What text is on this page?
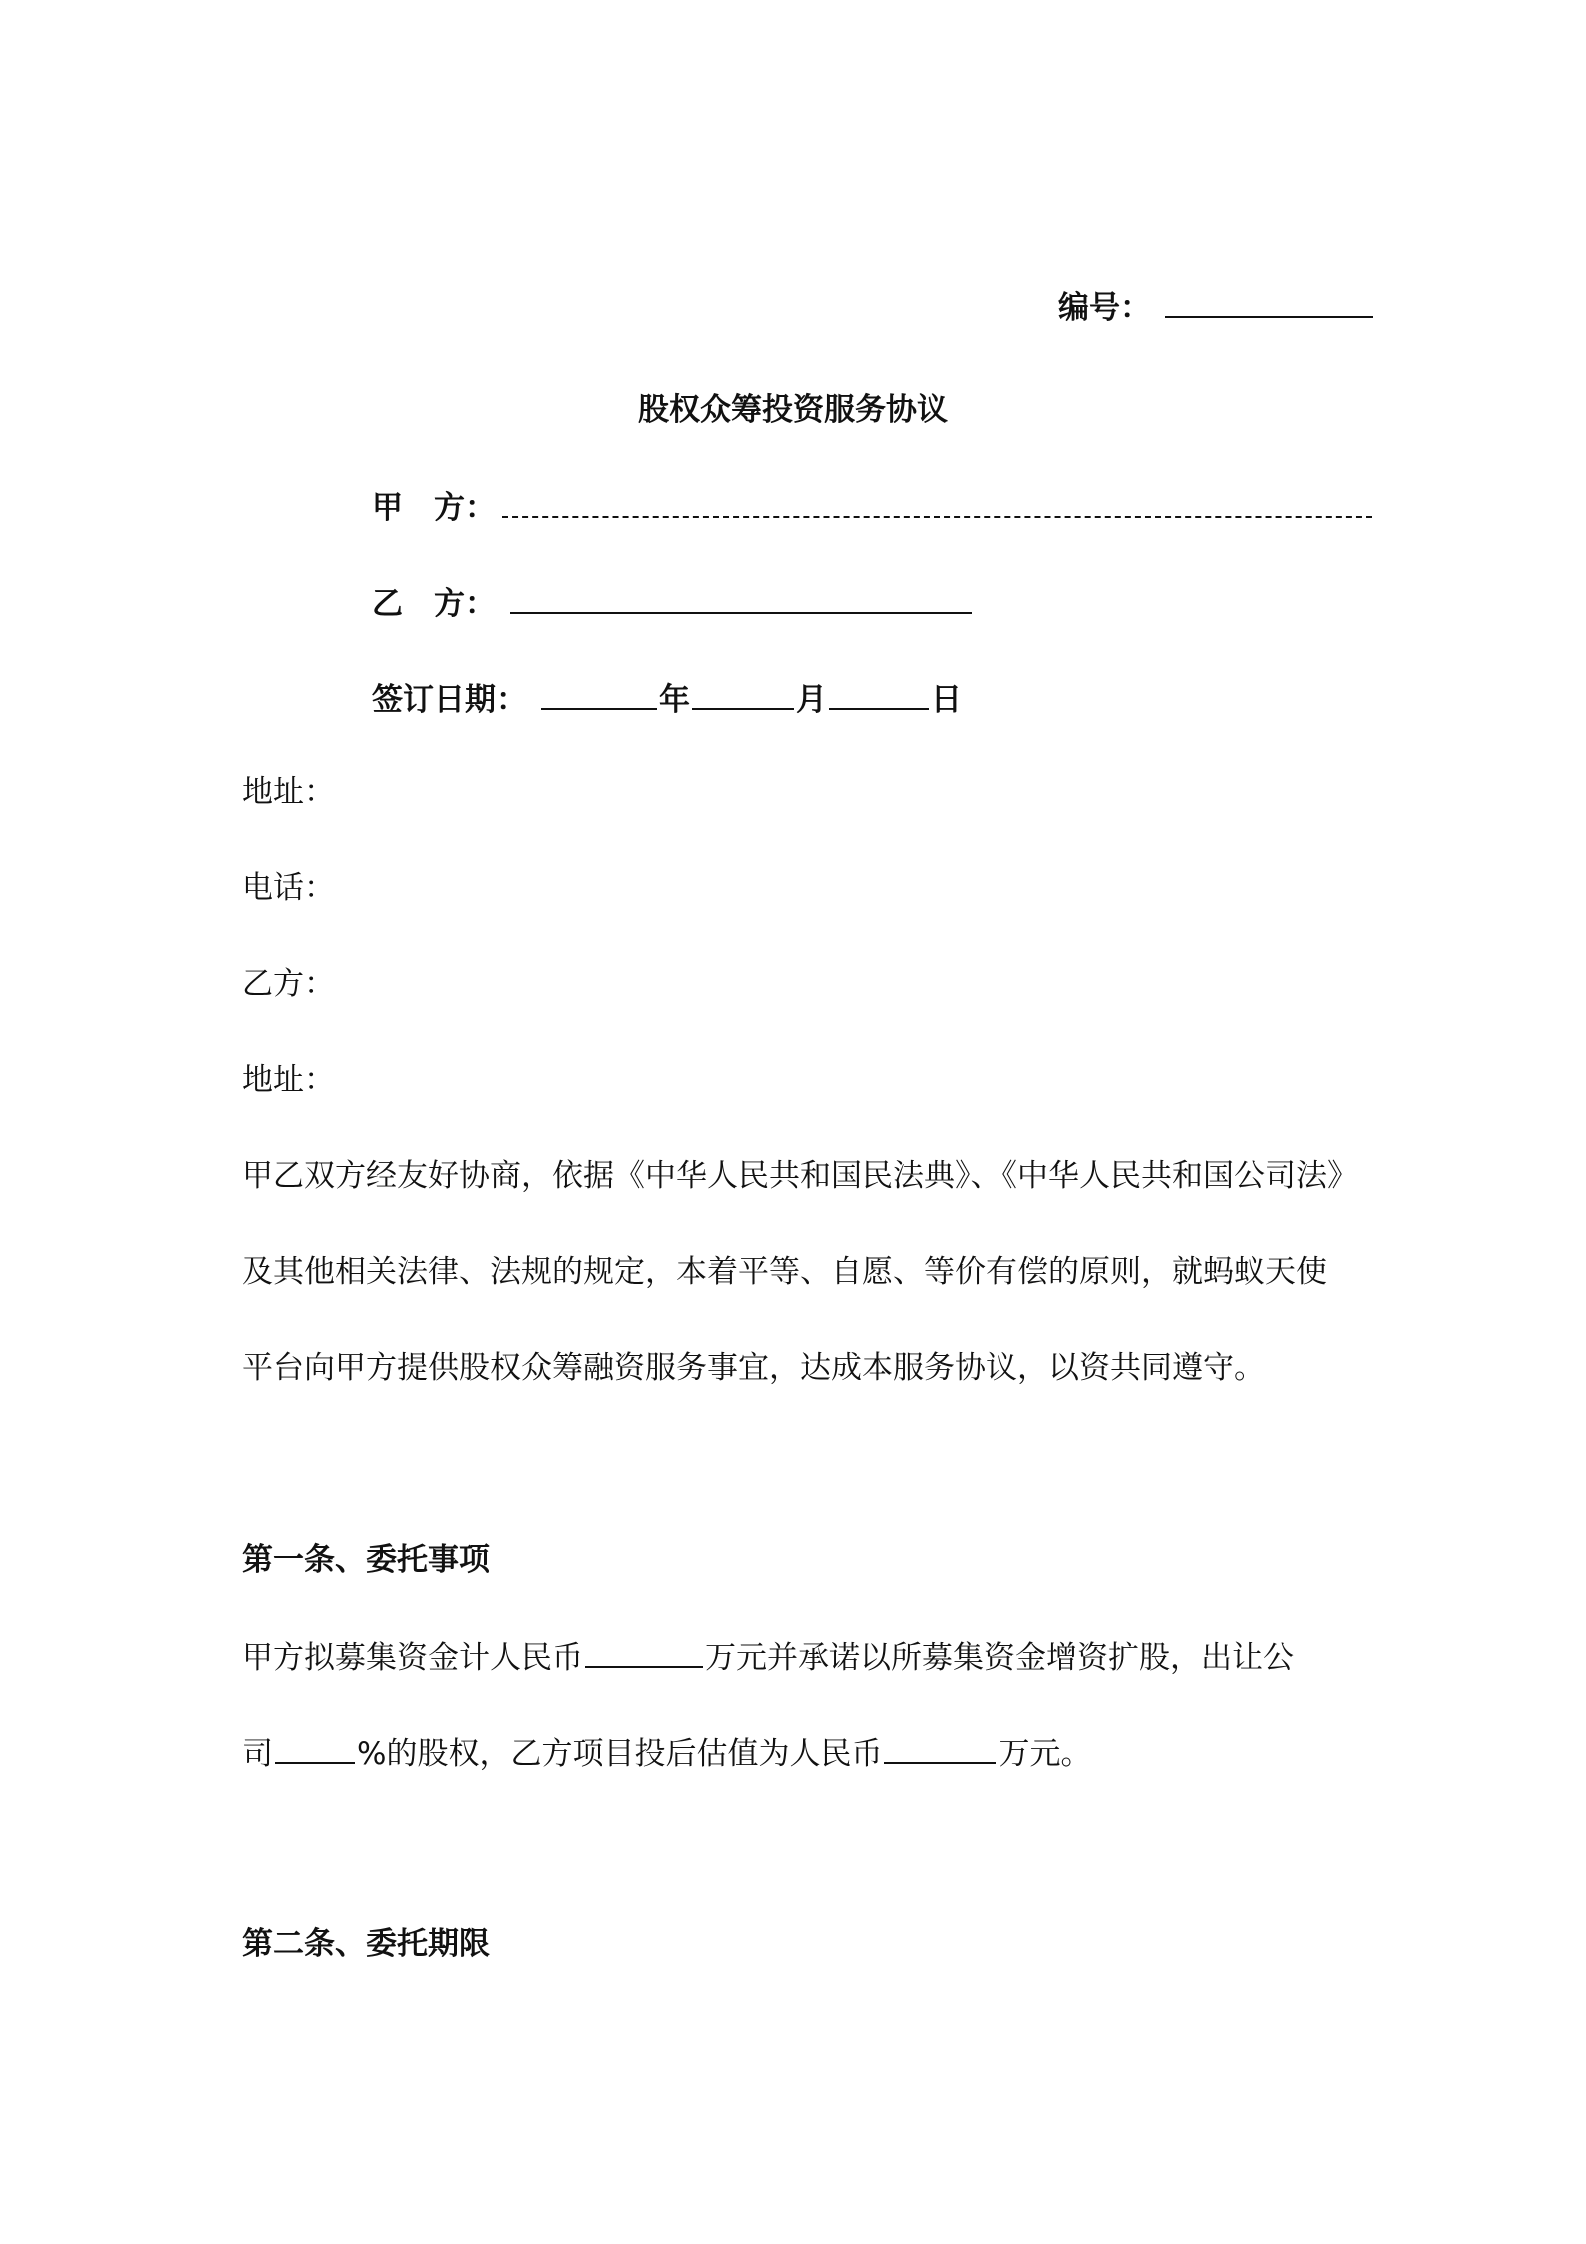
编号：
股权众筹投资服务协议
甲　方：
乙　方：
签订日期：	年	月	日
地址：
电话：
乙方：
地址：
甲乙双方经友好协商，依据《中华人民共和国民法典》、《中华人民共和国公司法》
及其他相关法律、法规的规定，本着平等、自愿、等价有偿的原则，就蚂蚁天使
平台向甲方提供股权众筹融资服务事宜，达成本服务协议，以资共同遵守。
第一条、委托事项
甲方拟募集资金计人民币	万元并承诺以所募集资金增资扩股，出让公
司	%的股权，乙方项目投后估值为人民币	万元。
第二条、委托期限
